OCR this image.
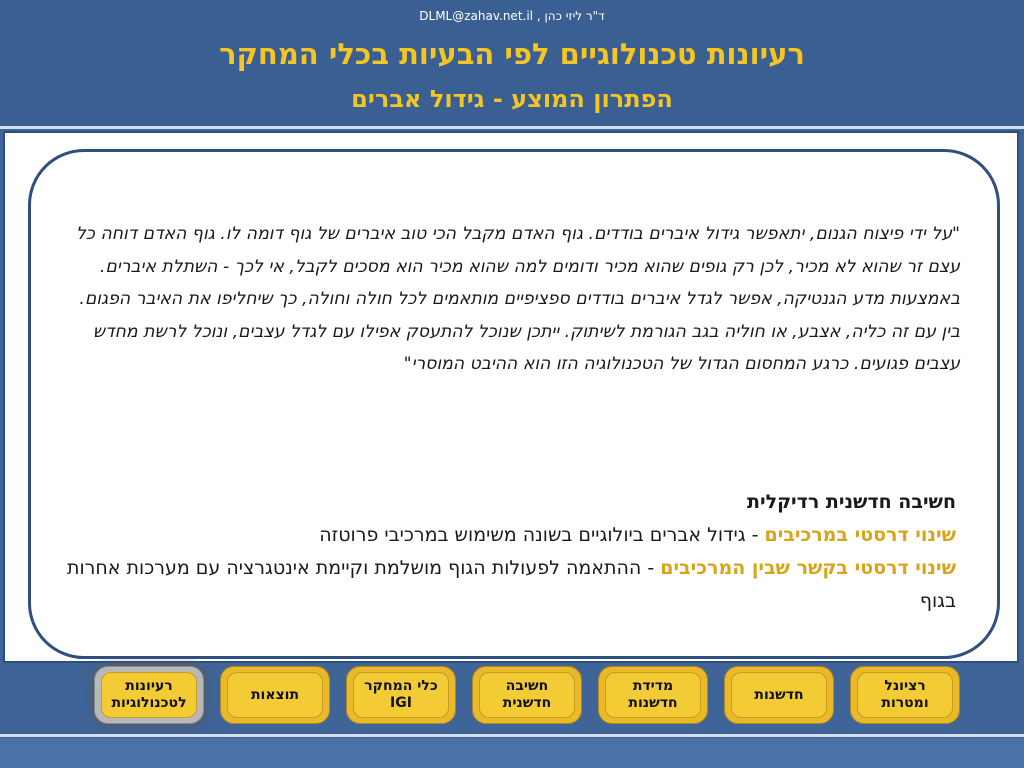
רעיונות טכנולוגיים לפי הבעיות בכלי המחקר
הפתרון המוצע - גידול אברים
"על ידי פיצוח הגנום, יתאפשר גידול איברים בודדים. גוף האדם מקבל הכי טוב איברים של גוף דומה לו. גוף האדם דוחה כל עצם זר שהוא לא מכיר, לכן רק גופים שהוא מכיר ודומים למה שהוא מכיר הוא מסכים לקבל, אי לכך - השתלת איברים. באמצעות מדע הגנטיקה, אפשר לגדל איברים בודדים ספציפיים מותאמים לכל חולה וחולה, כך שיחליפו את האיבר הפגום. בין עם זה כליה, אצבע, או חוליה בגב הגורמת לשיתוק. ייתכן שנוכל להתעסק אפילו עם לגדל עצבים, ונוכל לרשת מחדש עצבים פגועים. כרגע המחסום הגדול של הטכנולוגיה הזו הוא ההיבט המוסרי"
חשיבה חדשנית רדיקלית
שינוי דרסטי במרכיבים - גידול אברים ביולוגיים בשונה משימוש במרכיבי פרוטזה
שינוי דרסטי בקשר שבין המרכיבים - ההתאמה לפעולות הגוף מושלמת וקיימת אינטגרציה עם מערכות אחרות בגוף
רציונל
ומטרות
חדשנות
מדידת
חדשנות
חשיבה
חדשנית
כלי המחקר
IGI
תוצאות
רעיונות
לטכנולוגיות
ד"ר ליזי כהן , DLML@zahav.net.il
